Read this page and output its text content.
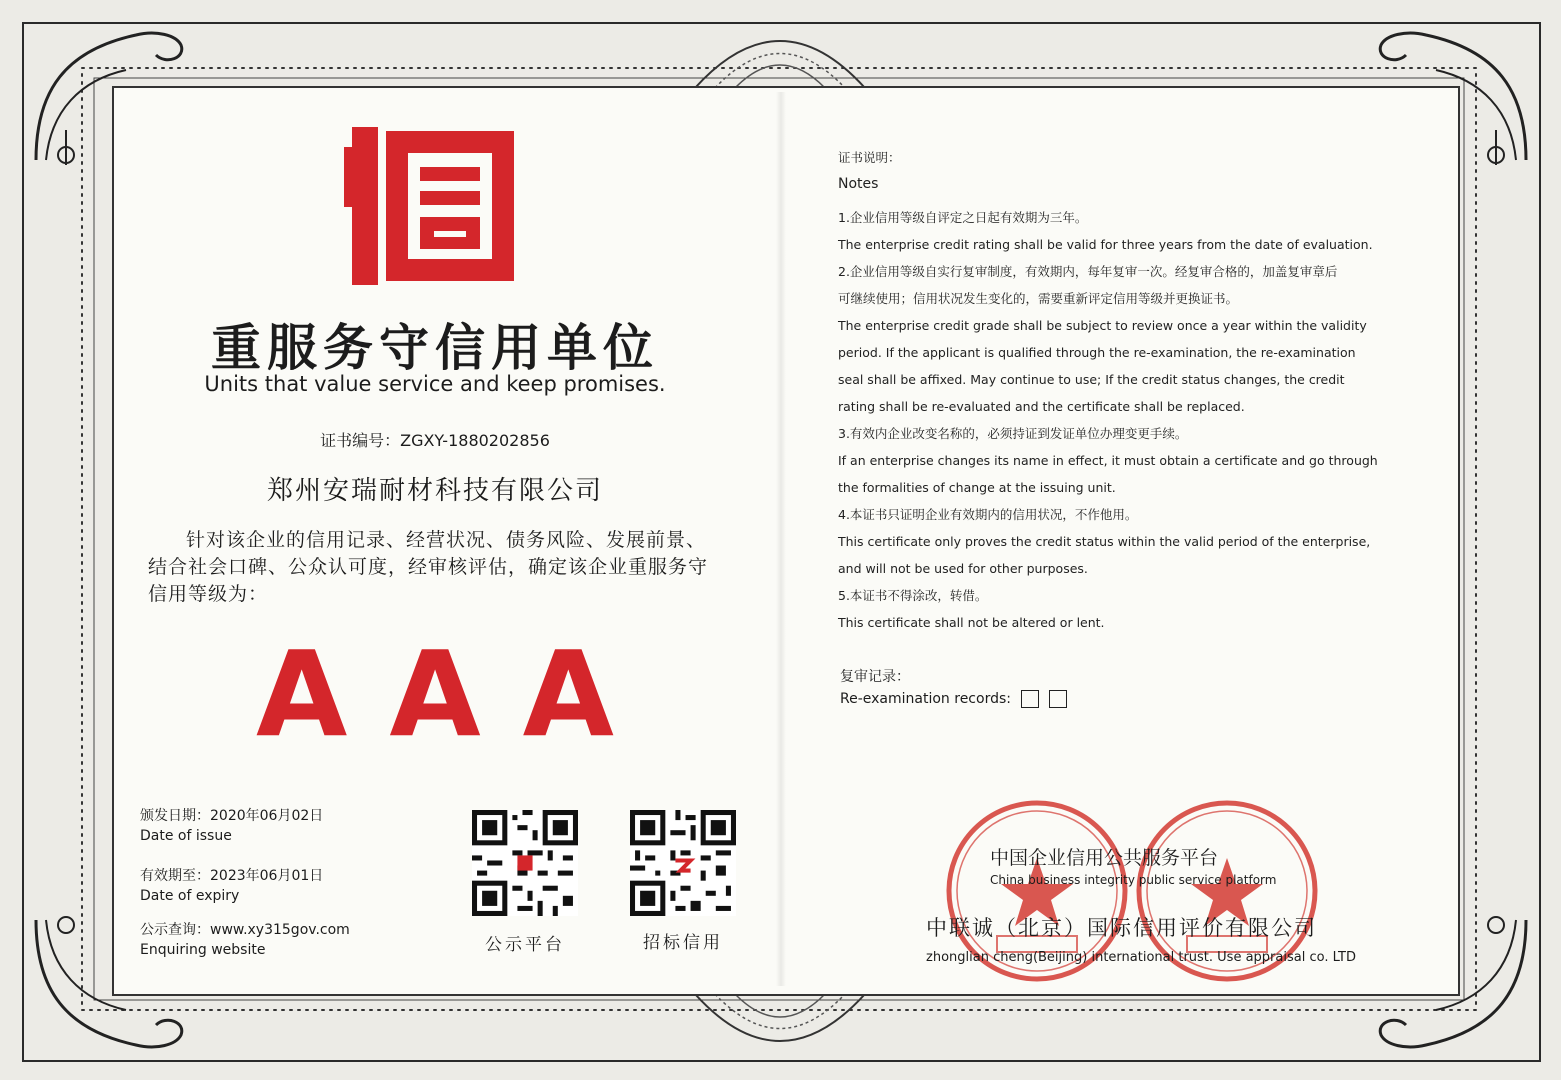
重服务守信用单位
Units that value service and keep promises.
证书编号：ZGXY-1880202856
郑州安瑞耐材科技有限公司
针对该企业的信用记录、经营状况、债务风险、发展前景、结合社会口碑、公众认可度，经审核评估，确定该企业重服务守信用等级为：
AAA
颁发日期：2020年06月02日
Date of issue
有效期至：2023年06月01日
Date of expiry
公示查询：www.xy315gov.com
Enquiring website	公示平台	招标信用
证书说明：
Notes
1.企业信用等级自评定之日起有效期为三年。
The enterprise credit rating shall be valid for three years from the date of evaluation.
2.企业信用等级自实行复审制度，有效期内，每年复审一次。经复审合格的，加盖复审章后
可继续使用；信用状况发生变化的，需要重新评定信用等级并更换证书。
The enterprise credit grade shall be subject to review once a year within the validity
period. If the applicant is qualified through the re-examination, the re-examination
seal shall be affixed. May continue to use; If the credit status changes, the credit
rating shall be re-evaluated and the certificate shall be replaced.
3.有效内企业改变名称的，必须持证到发证单位办理变更手续。
If an enterprise changes its name in effect, it must obtain a certificate and go through
the formalities of change at the issuing unit.
4.本证书只证明企业有效期内的信用状况，不作他用。
This certificate only proves the credit status within the valid period of the enterprise,
and will not be used for other purposes.
5.本证书不得涂改，转借。
This certificate shall not be altered or lent.
复审记录：
Re-examination records:
中国企业信用公共服务平台
China business integrity public service platform
中联诚（北京）国际信用评价有限公司
zhonglian cheng(Beijing) international trust. Use appraisal co. LTD
